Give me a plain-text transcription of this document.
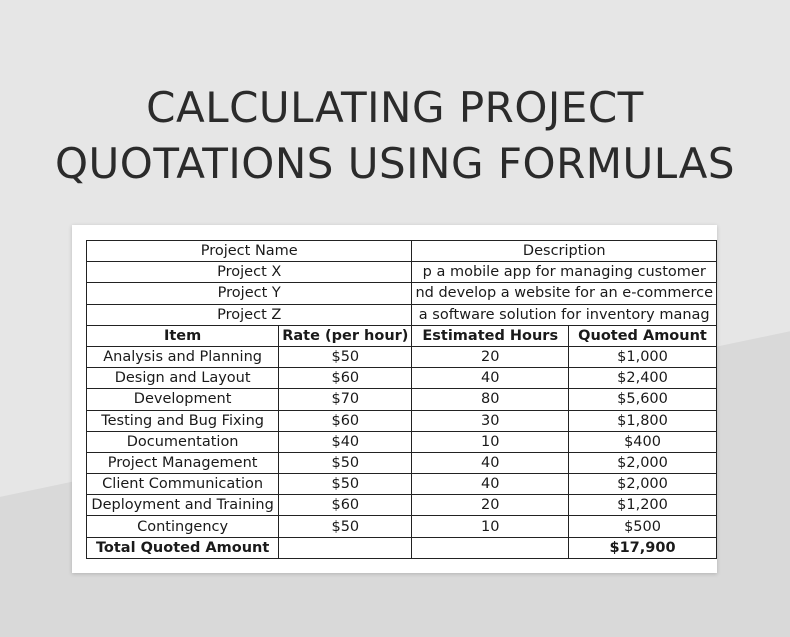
CALCULATING PROJECT
QUOTATIONS USING FORMULAS
Project Name		Description	
Project X		p a mobile app for managing customer	
Project Y		nd develop a website for an e-commerce	
Project Z		a software solution for inventory manag	
Item	Rate (per hour)	Estimated Hours	Quoted Amount
Analysis and Planning	$50	20	$1,000
Design and Layout	$60	40	$2,400
Development	$70	80	$5,600
Testing and Bug Fixing	$60	30	$1,800
Documentation	$40	10	$400
Project Management	$50	40	$2,000
Client Communication	$50	40	$2,000
Deployment and Training	$60	20	$1,200
Contingency	$50	10	$500
Total Quoted Amount			$17,900
